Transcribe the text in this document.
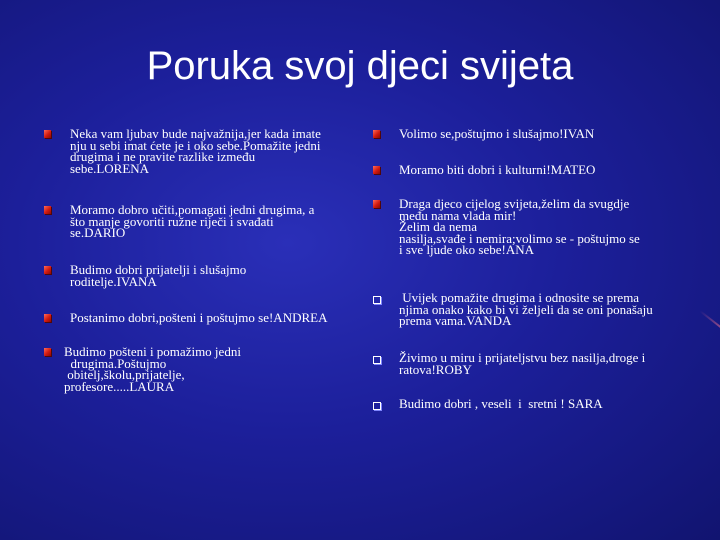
Poruka svoj djeci svijeta
Neka vam ljubav bude najvažnija,jer kada imate
nju u sebi imat ćete je i oko sebe.Pomažite jedni
drugima i ne pravite razlike između
sebe.LORENA
Moramo dobro učiti,pomagati jedni drugima, a
što manje govoriti ružne riječi i svađati
se.DARIO
Budimo dobri prijatelji i slušajmo
roditelje.IVANA
Postanimo dobri,pošteni i poštujmo se!ANDREA
Budimo pošteni i pomažimo jedni
drugima.Poštujmo
obitelj,školu,prijatelje,
profesore.....LAURA
Volimo se,poštujmo i slušajmo!IVAN
Moramo biti dobri i kulturni!MATEO
Draga djeco cijelog svijeta,želim da svugdje
među nama vlada mir!
Želim da nema
nasilja,svađe i nemira;volimo se - poštujmo se
i sve ljude oko sebe!ANA
Uvijek pomažite drugima i odnosite se prema
njima onako kako bi vi željeli da se oni ponašaju
prema vama.VANDA
Živimo u miru i prijateljstvu bez nasilja,droge i
ratova!ROBY
Budimo dobri , veseli  i  sretni ! SARA
